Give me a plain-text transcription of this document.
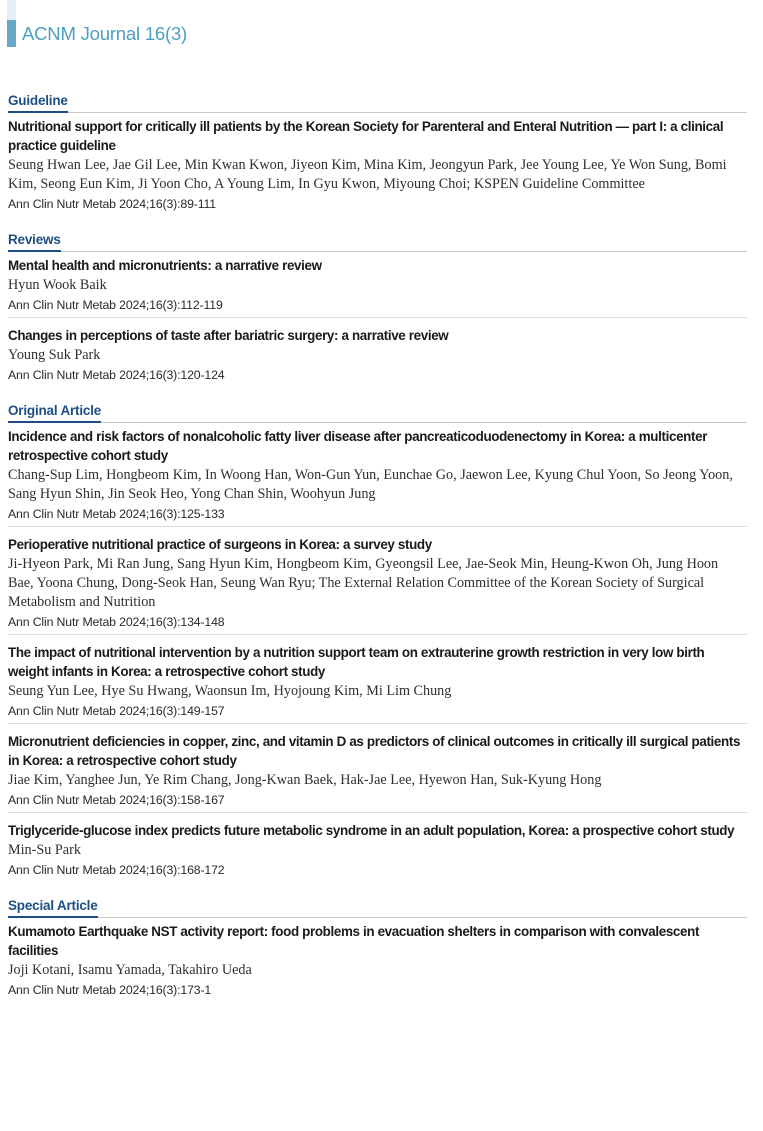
ACNM Journal 16(3)
Guideline
Nutritional support for critically ill patients by the Korean Society for Parenteral and Enteral Nutrition — part I: a clinical practice guideline
Seung Hwan Lee, Jae Gil Lee, Min Kwan Kwon, Jiyeon Kim, Mina Kim, Jeongyun Park, Jee Young Lee, Ye Won Sung, Bomi Kim, Seong Eun Kim, Ji Yoon Cho, A Young Lim, In Gyu Kwon, Miyoung Choi; KSPEN Guideline Committee
Ann Clin Nutr Metab 2024;16(3):89-111
Reviews
Mental health and micronutrients: a narrative review
Hyun Wook Baik
Ann Clin Nutr Metab 2024;16(3):112-119
Changes in perceptions of taste after bariatric surgery: a narrative review
Young Suk Park
Ann Clin Nutr Metab 2024;16(3):120-124
Original Article
Incidence and risk factors of nonalcoholic fatty liver disease after pancreaticoduodenectomy in Korea: a multicenter retrospective cohort study
Chang-Sup Lim, Hongbeom Kim, In Woong Han, Won-Gun Yun, Eunchae Go, Jaewon Lee, Kyung Chul Yoon, So Jeong Yoon, Sang Hyun Shin, Jin Seok Heo, Yong Chan Shin, Woohyun Jung
Ann Clin Nutr Metab 2024;16(3):125-133
Perioperative nutritional practice of surgeons in Korea: a survey study
Ji-Hyeon Park, Mi Ran Jung, Sang Hyun Kim, Hongbeom Kim, Gyeongsil Lee, Jae-Seok Min, Heung-Kwon Oh, Jung Hoon Bae, Yoona Chung, Dong-Seok Han, Seung Wan Ryu; The External Relation Committee of the Korean Society of Surgical Metabolism and Nutrition
Ann Clin Nutr Metab 2024;16(3):134-148
The impact of nutritional intervention by a nutrition support team on extrauterine growth restriction in very low birth weight infants in Korea: a retrospective cohort study
Seung Yun Lee, Hye Su Hwang, Waonsun Im, Hyojoung Kim, Mi Lim Chung
Ann Clin Nutr Metab 2024;16(3):149-157
Micronutrient deficiencies in copper, zinc, and vitamin D as predictors of clinical outcomes in critically ill surgical patients in Korea: a retrospective cohort study
Jiae Kim, Yanghee Jun, Ye Rim Chang, Jong-Kwan Baek, Hak-Jae Lee, Hyewon Han, Suk-Kyung Hong
Ann Clin Nutr Metab 2024;16(3):158-167
Triglyceride-glucose index predicts future metabolic syndrome in an adult population, Korea: a prospective cohort study
Min-Su Park
Ann Clin Nutr Metab 2024;16(3):168-172
Special Article
Kumamoto Earthquake NST activity report: food problems in evacuation shelters in comparison with convalescent facilities
Joji Kotani, Isamu Yamada, Takahiro Ueda
Ann Clin Nutr Metab 2024;16(3):173-1
